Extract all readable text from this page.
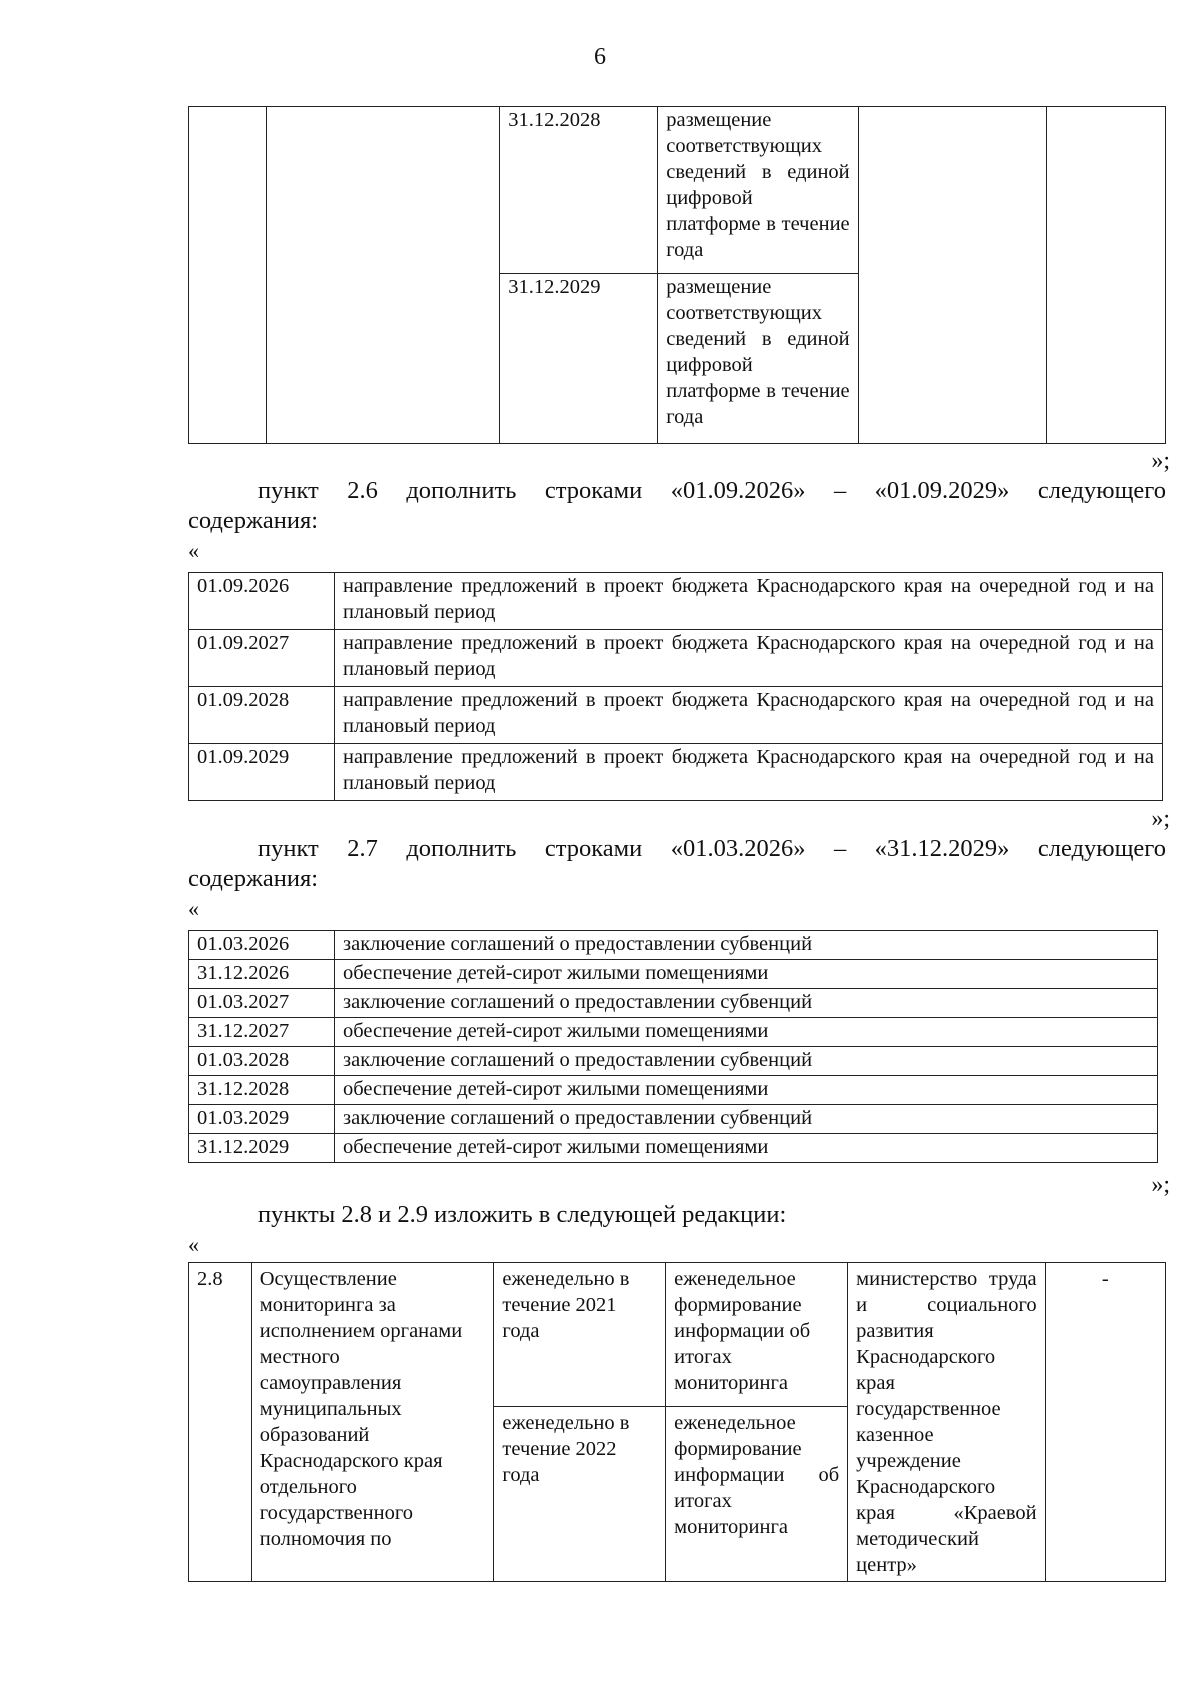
6
		31.12.2028	размещение соответствующих сведений в единой цифровой платформе в течение года		
		31.12.2029	размещение соответствующих сведений в единой цифровой платформе в течение года		
»;
пункт 2.6 дополнить строками «01.09.2026» – «01.09.2029» следующего
содержания:
«
01.09.2026	направление предложений в проект бюджета Краснодарского края на очередной год и на плановый период
01.09.2027	направление предложений в проект бюджета Краснодарского края на очередной год и на плановый период
01.09.2028	направление предложений в проект бюджета Краснодарского края на очередной год и на плановый период
01.09.2029	направление предложений в проект бюджета Краснодарского края на очередной год и на плановый период
»;
пункт 2.7 дополнить строками «01.03.2026» – «31.12.2029» следующего
содержания:
«
01.03.2026	заключение соглашений о предоставлении субвенций
31.12.2026	обеспечение детей-сирот жилыми помещениями
01.03.2027	заключение соглашений о предоставлении субвенций
31.12.2027	обеспечение детей-сирот жилыми помещениями
01.03.2028	заключение соглашений о предоставлении субвенций
31.12.2028	обеспечение детей-сирот жилыми помещениями
01.03.2029	заключение соглашений о предоставлении субвенций
31.12.2029	обеспечение детей-сирот жилыми помещениями
»;
пункты 2.8 и 2.9 изложить в следующей редакции:
«
2.8	Осуществление мониторинга за исполнением органами местного самоуправления муниципальных образований Краснодарского края отдельного государственного полномочия по	еженедельно в течение 2021 года	еженедельное формирование информации об итогах мониторинга	министерство труда и социального развития Краснодарского края государственное казенное учреждение Краснодарского края «Краевой методический центр»	-
		еженедельно в течение 2022 года	еженедельное формирование информации об итогах мониторинга		
